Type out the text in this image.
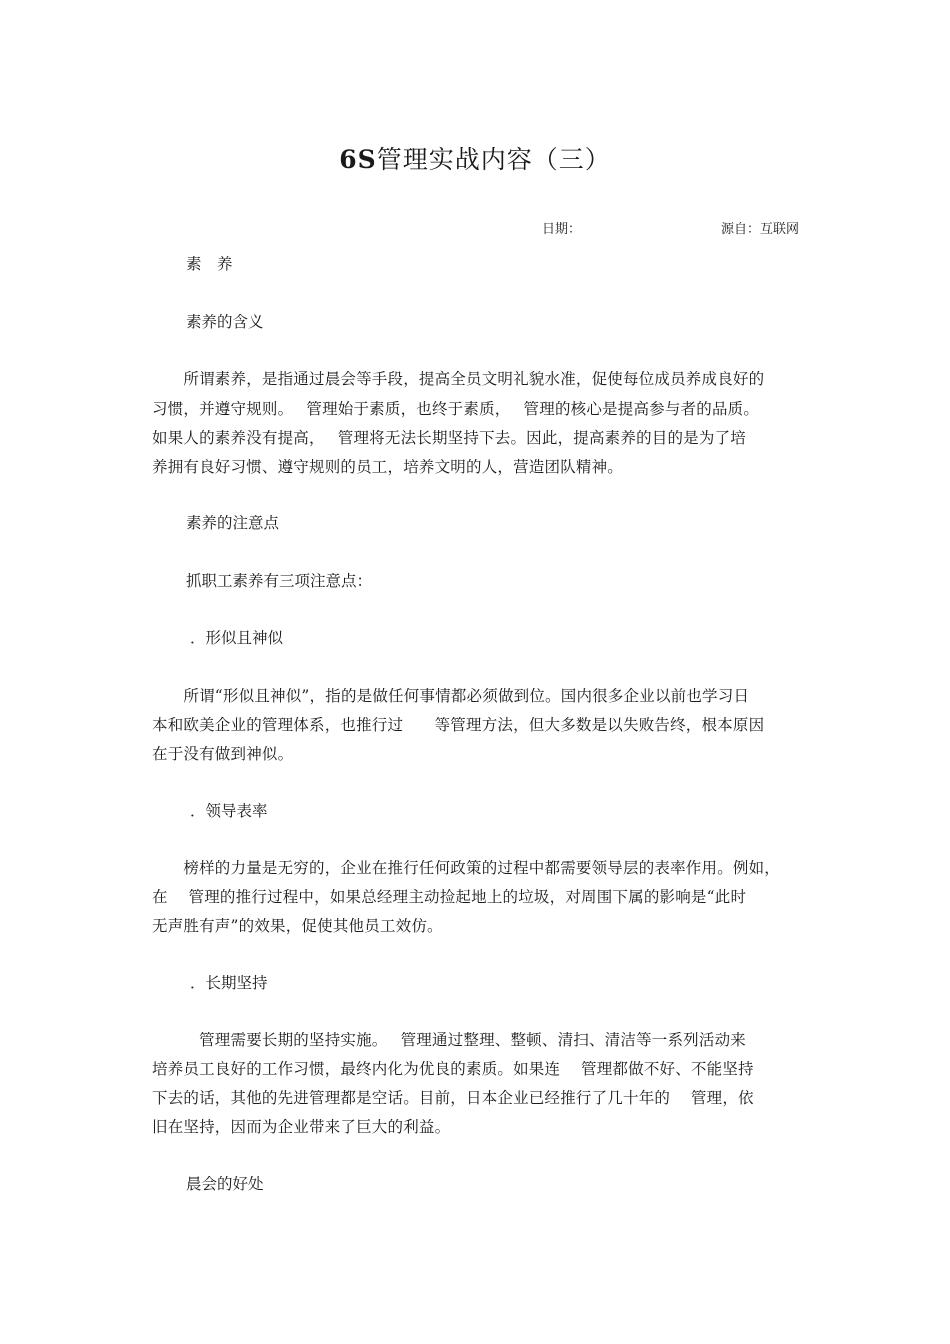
6S管理实战内容（三）
日期：	源自：互联网
素　养
素养的含义
　　所谓素养，是指通过晨会等手段，提高全员文明礼貌水准，促使每位成员养成良好的
习惯，并遵守规则。　 管理始于素质，也终于素质，　 管理的核心是提高参与者的品质。
如果人的素养没有提高，　 管理将无法长期坚持下去。因此，提高素养的目的是为了培
养拥有良好习惯、遵守规则的员工，培养文明的人，营造团队精神。
素养的注意点
抓职工素养有三项注意点：
．形似且神似
　　所谓“形似且神似”，指的是做任何事情都必须做到位。国内很多企业以前也学习日
本和欧美企业的管理体系，也推行过　　等管理方法，但大多数是以失败告终，根本原因
在于没有做到神似。
．领导表率
　　榜样的力量是无穷的，企业在推行任何政策的过程中都需要领导层的表率作用。例如，
在　 管理的推行过程中，如果总经理主动捡起地上的垃圾，对周围下属的影响是“此时
无声胜有声”的效果，促使其他员工效仿。
．长期坚持
　　　管理需要长期的坚持实施。　 管理通过整理、整顿、清扫、清洁等一系列活动来
培养员工良好的工作习惯，最终内化为优良的素质。如果连　 管理都做不好、不能坚持
下去的话，其他的先进管理都是空话。目前，日本企业已经推行了几十年的　 管理，依
旧在坚持，因而为企业带来了巨大的利益。
晨会的好处
